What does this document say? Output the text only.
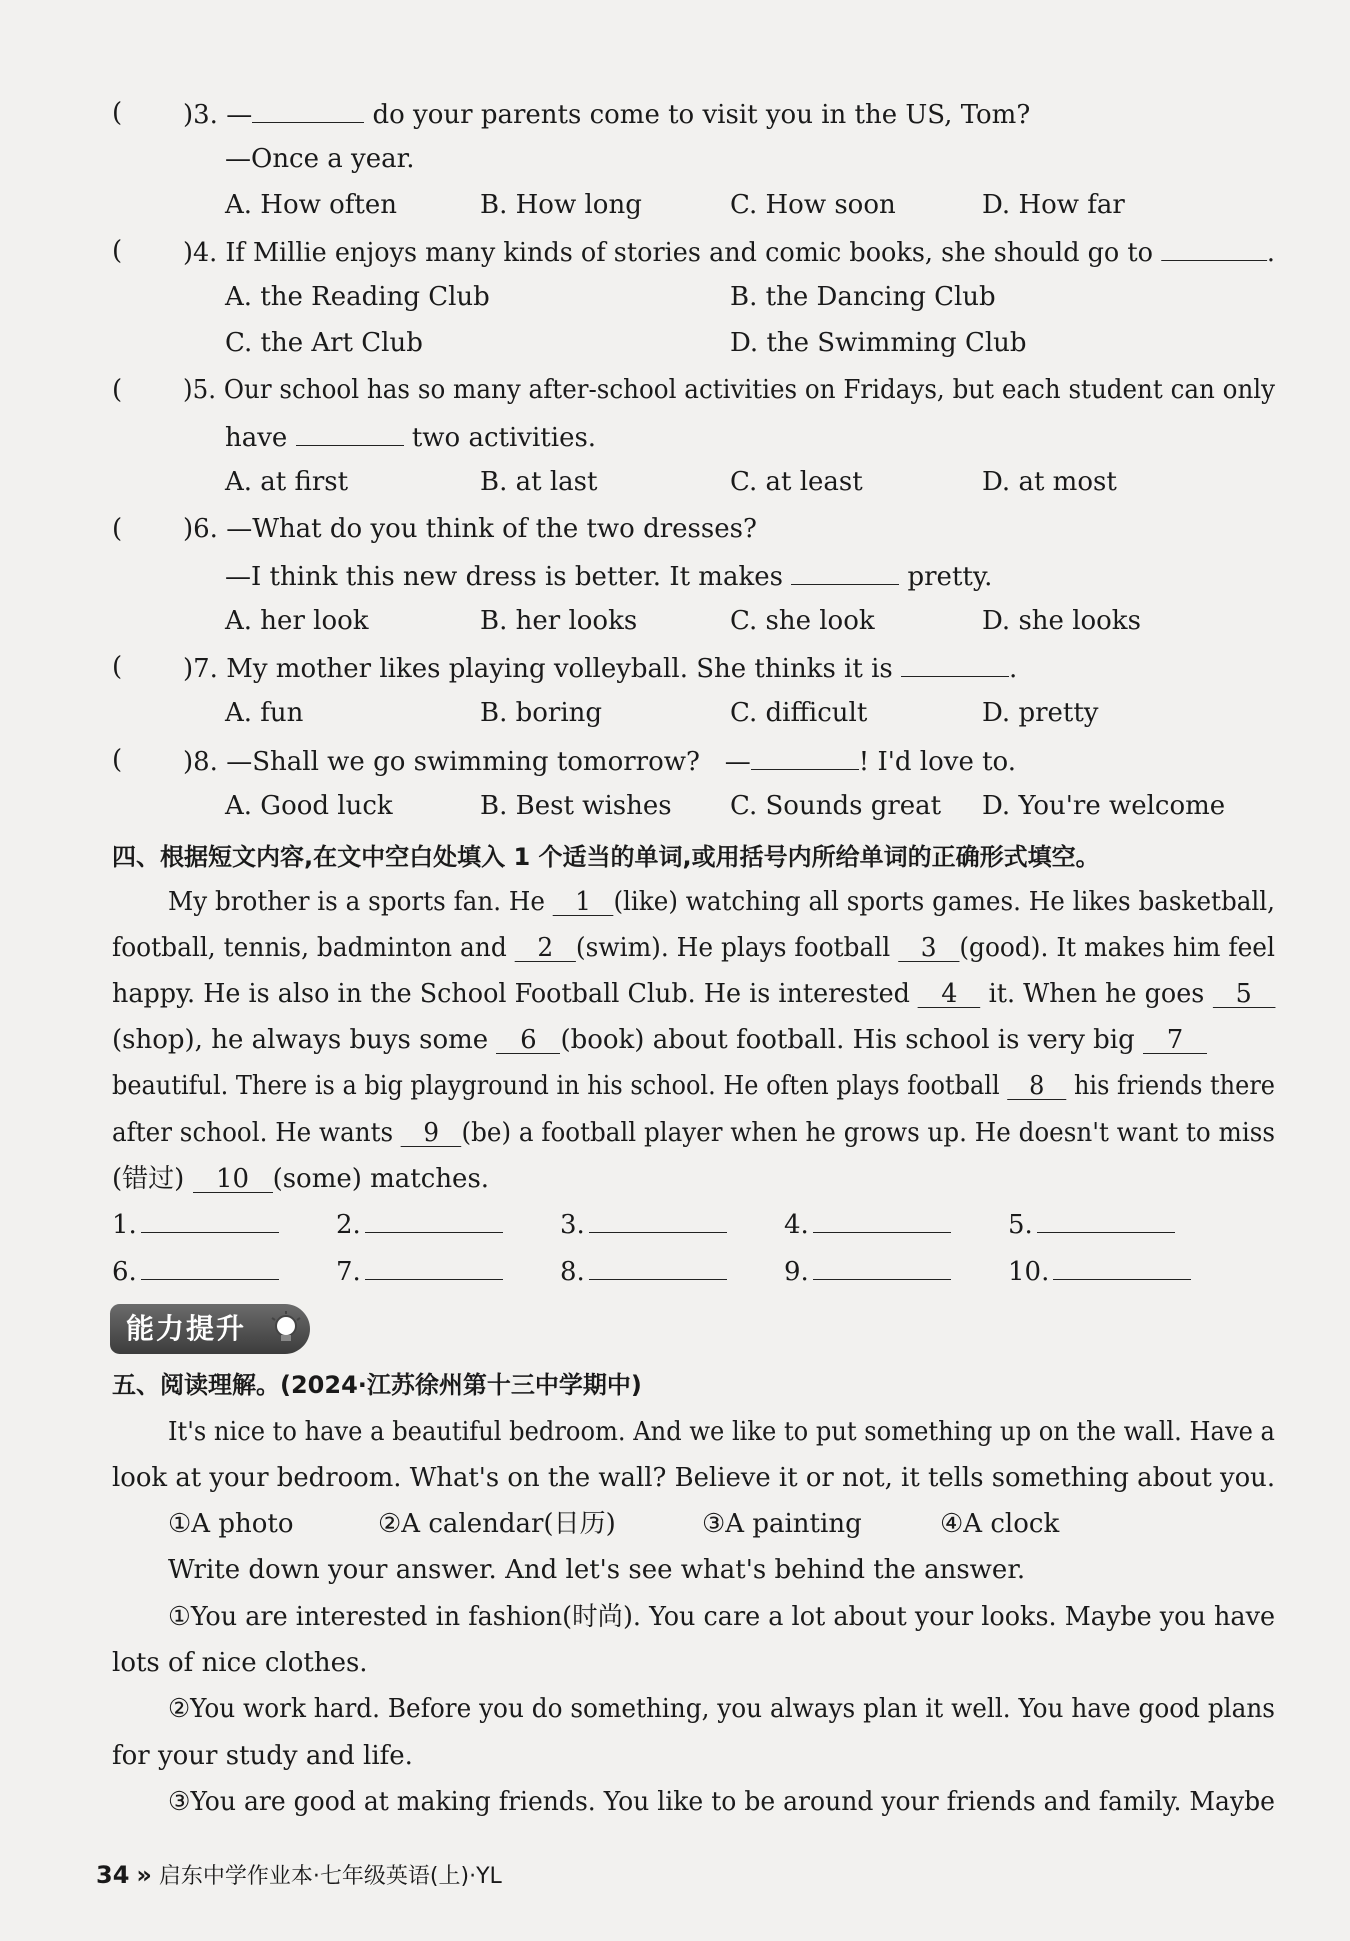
( )3. —	do your parents come to visit you in the US, Tom?
—Once a year.
A. How often	B. How long	C. How soon	D. How far
( )4. If Millie enjoys many kinds of stories and comic books, she should go to	.
A. the Reading Club	B. the Dancing Club
C. the Art Club	D. the Swimming Club
( )5. Our school has so many after-school activities on Fridays, but each student can only
have	two activities.
A. at first	B. at last	C. at least	D. at most
( )6. —What do you think of the two dresses?
—I think this new dress is better. It makes	pretty.
A. her look	B. her looks	C. she look	D. she looks
( )7. My mother likes playing volleyball. She thinks it is	.
A. fun	B. boring	C. difficult	D. pretty
( )8. —Shall we go swimming tomorrow? —	! I'd love to.
A. Good luck	B. Best wishes C. Sounds great D. You're welcome
四、根据短文内容,在文中空白处填入 1 个适当的单词,或用括号内所给单词的正确形式填空。
My brother is a sports fan. He 1 (like) watching all sports games. He likes basketball,
football, tennis, badminton and 2 (swim). He plays football 3 (good). It makes him feel
happy. He is also in the School Football Club. He is interested 4 it. When he goes 5
(shop), he always buys some 6 (book) about football. His school is very big 7
beautiful. There is a big playground in his school. He often plays football 8 his friends there
after school. He wants 9 (be) a football player when he grows up. He doesn't want to miss
(错过) 10 (some) matches.
1.	2.	3.	4.	5.
6.	7.	8.	9.	10.
能力提升
五、阅读理解。(2024·江苏徐州第十三中学期中)
It's nice to have a beautiful bedroom. And we like to put something up on the wall. Have a
look at your bedroom. What's on the wall? Believe it or not, it tells something about you.
①A photo	②A calendar(日历)	③A painting	④A clock
Write down your answer. And let's see what's behind the answer.
①You are interested in fashion(时尚). You care a lot about your looks. Maybe you have
lots of nice clothes.
②You work hard. Before you do something, you always plan it well. You have good plans
for your study and life.
③You are good at making friends. You like to be around your friends and family. Maybe
34 » 启东中学作业本·七年级英语(上)·YL
